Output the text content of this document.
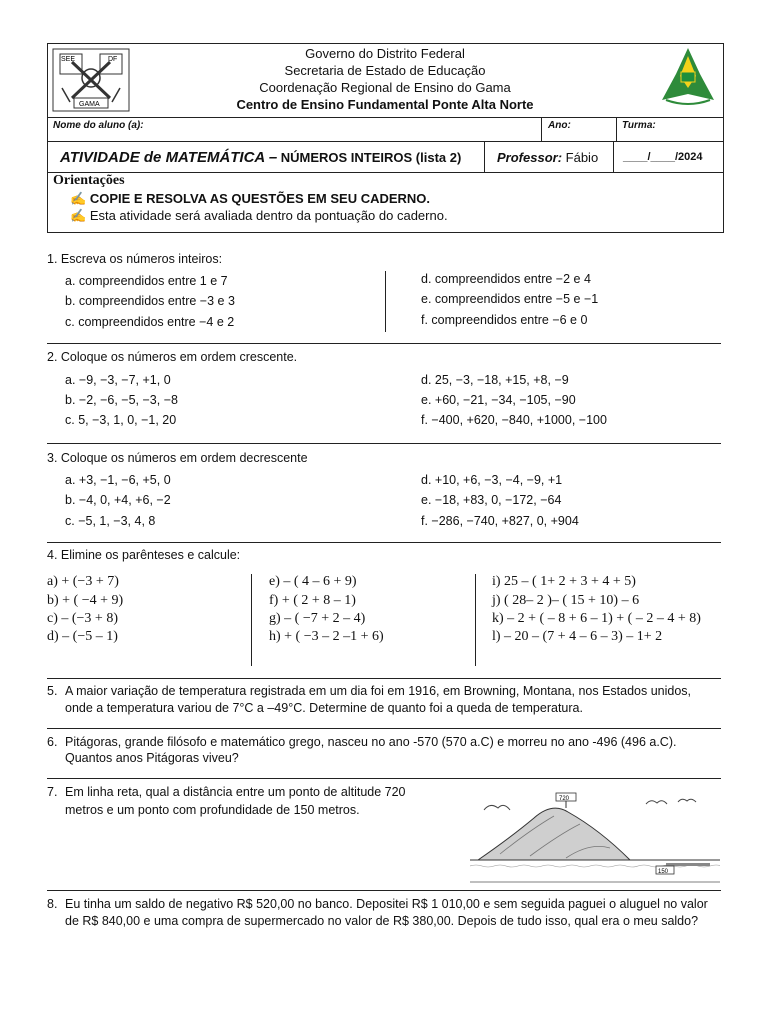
SEE	DF
GAMA
Governo do Distrito Federal
Secretaria de Estado de Educação
Coordenação Regional de Ensino do Gama
Centro de Ensino Fundamental Ponte Alta Norte
Nome do aluno (a):	Ano:	Turma:
ATIVIDADE de MATEMÁTICA – NÚMEROS INTEIROS (lista 2)	Professor: Fábio ____/____/2024
Orientações
✍ COPIE E RESOLVA AS QUESTÕES EM SEU CADERNO.
✍ Esta atividade será avaliada dentro da pontuação do caderno.
1. Escreva os números inteiros:
a. compreendidos entre 1 e 7
b. compreendidos entre −3 e 3
c. compreendidos entre −4 e 2
d. compreendidos entre −2 e 4
e. compreendidos entre −5 e −1
f. compreendidos entre −6 e 0
2. Coloque os números em ordem crescente.
a. −9, −3, −7, +1, 0
b. −2, −6, −5, −3, −8
c. 5, −3, 1, 0, −1, 20
d. 25, −3, −18, +15, +8, −9
e. +60, −21, −34, −105, −90
f. −400, +620, −840, +1000, −100
3. Coloque os números em ordem decrescente
a. +3, −1, −6, +5, 0
b. −4, 0, +4, +6, −2
c. −5, 1, −3, 4, 8
d. +10, +6, −3, −4, −9, +1
e. −18, +83, 0, −172, −64
f. −286, −740, +827, 0, +904
4. Elimine os parênteses e calcule:
a) + (−3 + 7)
b) + ( −4 + 9)
c) – (−3 + 8)
d) – (−5 – 1)
e) – ( 4 – 6 + 9)
f) + ( 2 + 8 – 1)
g) – ( −7 + 2 – 4)
h) + ( −3 – 2 –1 + 6)
i) 25 – ( 1+ 2 + 3 + 4 + 5)
j) ( 28– 2 )– ( 15 + 10) – 6
k) – 2 + ( – 8 + 6 – 1) + ( – 2 – 4 + 8)
l) – 20 – (7 + 4 – 6 – 3) – 1+ 2
5. A maior variação de temperatura registrada em um dia foi em 1916, em Browning, Montana, nos Estados unidos,
onde a temperatura variou de 7°C a –49°C. Determine de quanto foi a queda de temperatura.
6. Pitágoras, grande filósofo e matemático grego, nasceu no ano -570 (570 a.C) e morreu no ano -496 (496 a.C).
Quantos anos Pitágoras viveu?
7. Em linha reta, qual a distância entre um ponto de altitude 720
metros e um ponto com profundidade de 150 metros.
720
150
8. Eu tinha um saldo de negativo R$ 520,00 no banco. Depositei R$ 1 010,00 e sem seguida paguei o aluguel no valor
de R$ 840,00 e uma compra de supermercado no valor de R$ 380,00. Depois de tudo isso, qual era o meu saldo?
